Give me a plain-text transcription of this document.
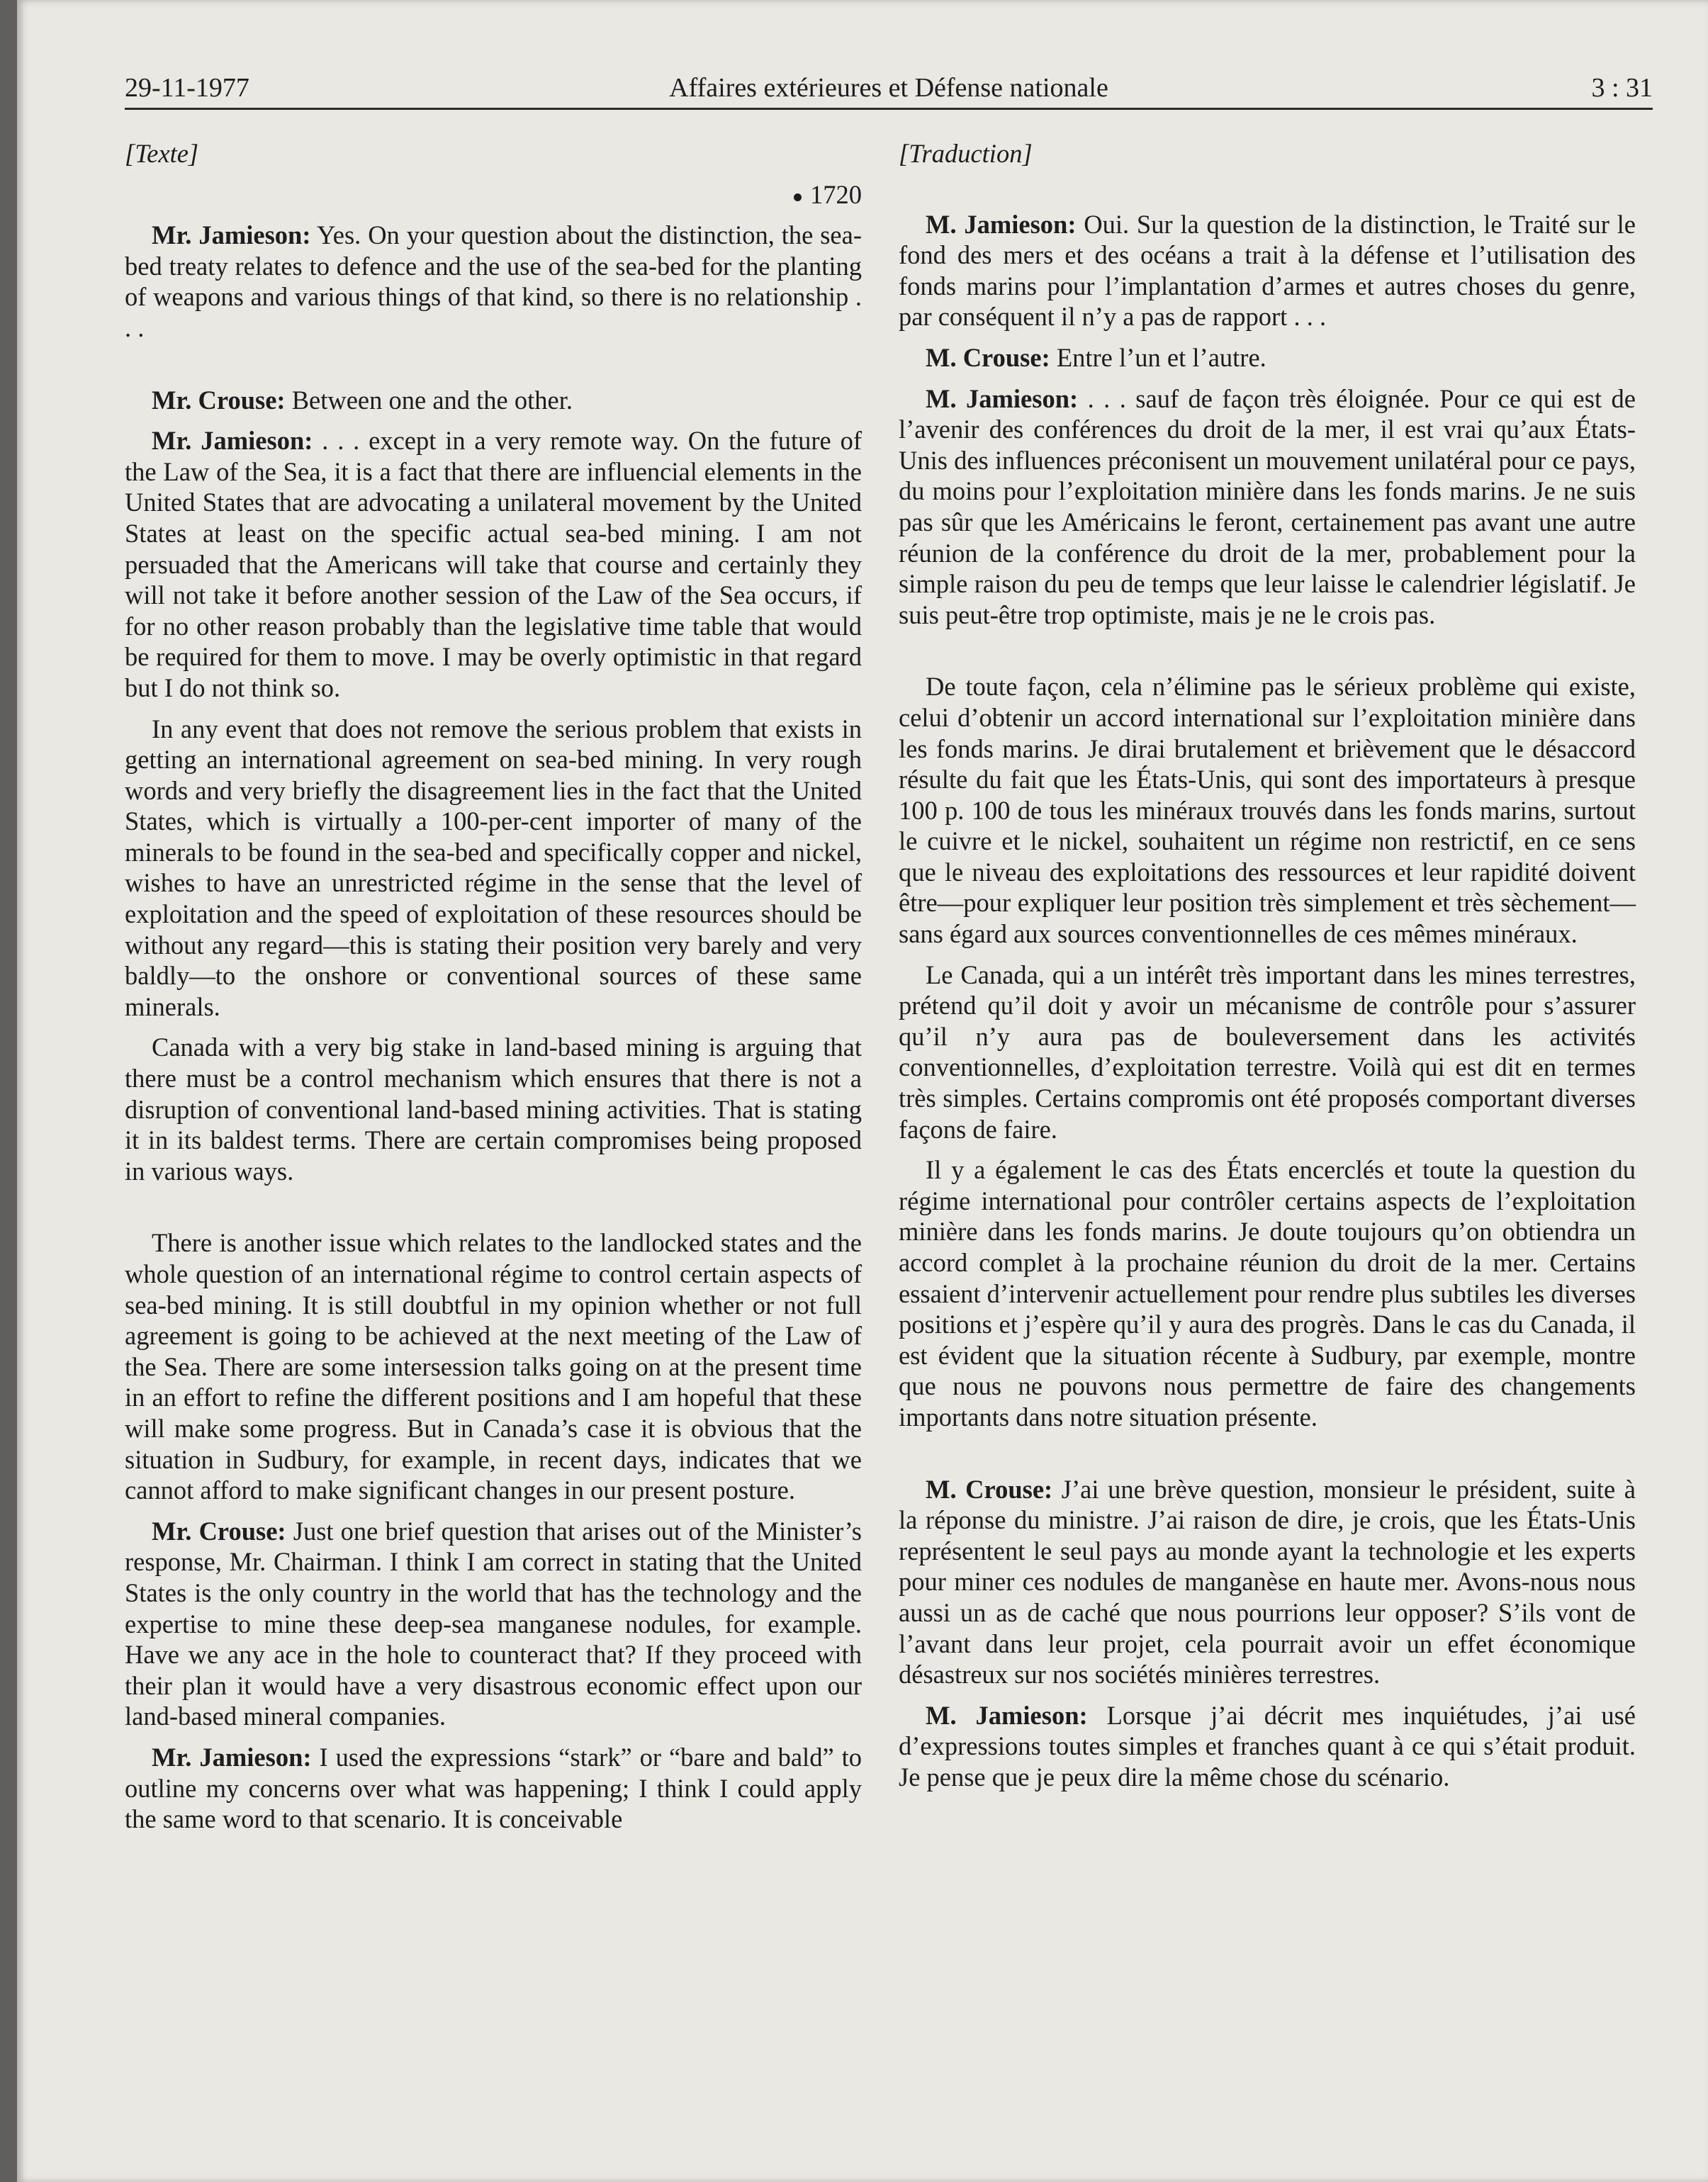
29-11-1977	Affaires extérieures et Défense nationale	3 : 31

[Texte]

1720

Mr. Jamieson: Yes. On your question about the distinction, the sea-bed treaty relates to defence and the use of the sea-bed for the planting of weapons and various things of that kind, so there is no relationship . . .

Mr. Crouse: Between one and the other.

Mr. Jamieson: . . . except in a very remote way. On the future of the Law of the Sea, it is a fact that there are influencial elements in the United States that are advocating a unilateral movement by the United States at least on the specific actual sea-bed mining. I am not persuaded that the Americans will take that course and certainly they will not take it before another session of the Law of the Sea occurs, if for no other reason probably than the legislative time table that would be required for them to move. I may be overly optimistic in that regard but I do not think so.

In any event that does not remove the serious problem that exists in getting an international agreement on sea-bed mining. In very rough words and very briefly the disagreement lies in the fact that the United States, which is virtually a 100-per-cent importer of many of the minerals to be found in the sea-bed and specifically copper and nickel, wishes to have an unrestricted régime in the sense that the level of exploitation and the speed of exploitation of these resources should be without any regard—this is stating their position very barely and very baldly—to the onshore or conventional sources of these same minerals.

Canada with a very big stake in land-based mining is arguing that there must be a control mechanism which ensures that there is not a disruption of conventional land-based mining activities. That is stating it in its baldest terms. There are certain compromises being proposed in various ways.

There is another issue which relates to the landlocked states and the whole question of an international régime to control certain aspects of sea-bed mining. It is still doubtful in my opinion whether or not full agreement is going to be achieved at the next meeting of the Law of the Sea. There are some intersession talks going on at the present time in an effort to refine the different positions and I am hopeful that these will make some progress. But in Canada’s case it is obvious that the situation in Sudbury, for example, in recent days, indicates that we cannot afford to make significant changes in our present posture.

Mr. Crouse: Just one brief question that arises out of the Minister’s response, Mr. Chairman. I think I am correct in stating that the United States is the only country in the world that has the technology and the expertise to mine these deep-sea manganese nodules, for example. Have we any ace in the hole to counteract that? If they proceed with their plan it would have a very disastrous economic effect upon our land-based mineral companies.

Mr. Jamieson: I used the expressions “stark” or “bare and bald” to outline my concerns over what was happening; I think I could apply the same word to that scenario. It is conceivable

[Traduction]

M. Jamieson: Oui. Sur la question de la distinction, le Traité sur le fond des mers et des océans a trait à la défense et l’utilisation des fonds marins pour l’implantation d’armes et autres choses du genre, par conséquent il n’y a pas de rapport . . .

M. Crouse: Entre l’un et l’autre.

M. Jamieson: . . . sauf de façon très éloignée. Pour ce qui est de l’avenir des conférences du droit de la mer, il est vrai qu’aux États-Unis des influences préconisent un mouvement unilatéral pour ce pays, du moins pour l’exploitation minière dans les fonds marins. Je ne suis pas sûr que les Américains le feront, certainement pas avant une autre réunion de la conférence du droit de la mer, probablement pour la simple raison du peu de temps que leur laisse le calendrier législatif. Je suis peut-être trop optimiste, mais je ne le crois pas.

De toute façon, cela n’élimine pas le sérieux problème qui existe, celui d’obtenir un accord international sur l’exploitation minière dans les fonds marins. Je dirai brutalement et brièvement que le désaccord résulte du fait que les États-Unis, qui sont des importateurs à presque 100 p. 100 de tous les minéraux trouvés dans les fonds marins, surtout le cuivre et le nickel, souhaitent un régime non restrictif, en ce sens que le niveau des exploitations des ressources et leur rapidité doivent être—pour expliquer leur position très simplement et très sèchement—sans égard aux sources conventionnelles de ces mêmes minéraux.

Le Canada, qui a un intérêt très important dans les mines terrestres, prétend qu’il doit y avoir un mécanisme de contrôle pour s’assurer qu’il n’y aura pas de bouleversement dans les activités conventionnelles, d’exploitation terrestre. Voilà qui est dit en termes très simples. Certains compromis ont été proposés comportant diverses façons de faire.

Il y a également le cas des États encerclés et toute la question du régime international pour contrôler certains aspects de l’exploitation minière dans les fonds marins. Je doute toujours qu’on obtiendra un accord complet à la prochaine réunion du droit de la mer. Certains essaient d’intervenir actuellement pour rendre plus subtiles les diverses positions et j’espère qu’il y aura des progrès. Dans le cas du Canada, il est évident que la situation récente à Sudbury, par exemple, montre que nous ne pouvons nous permettre de faire des changements importants dans notre situation présente.

M. Crouse: J’ai une brève question, monsieur le président, suite à la réponse du ministre. J’ai raison de dire, je crois, que les États-Unis représentent le seul pays au monde ayant la technologie et les experts pour miner ces nodules de manganèse en haute mer. Avons-nous nous aussi un as de caché que nous pourrions leur opposer? S’ils vont de l’avant dans leur projet, cela pourrait avoir un effet économique désastreux sur nos sociétés minières terrestres.

M. Jamieson: Lorsque j’ai décrit mes inquiétudes, j’ai usé d’expressions toutes simples et franches quant à ce qui s’était produit. Je pense que je peux dire la même chose du scénario.
